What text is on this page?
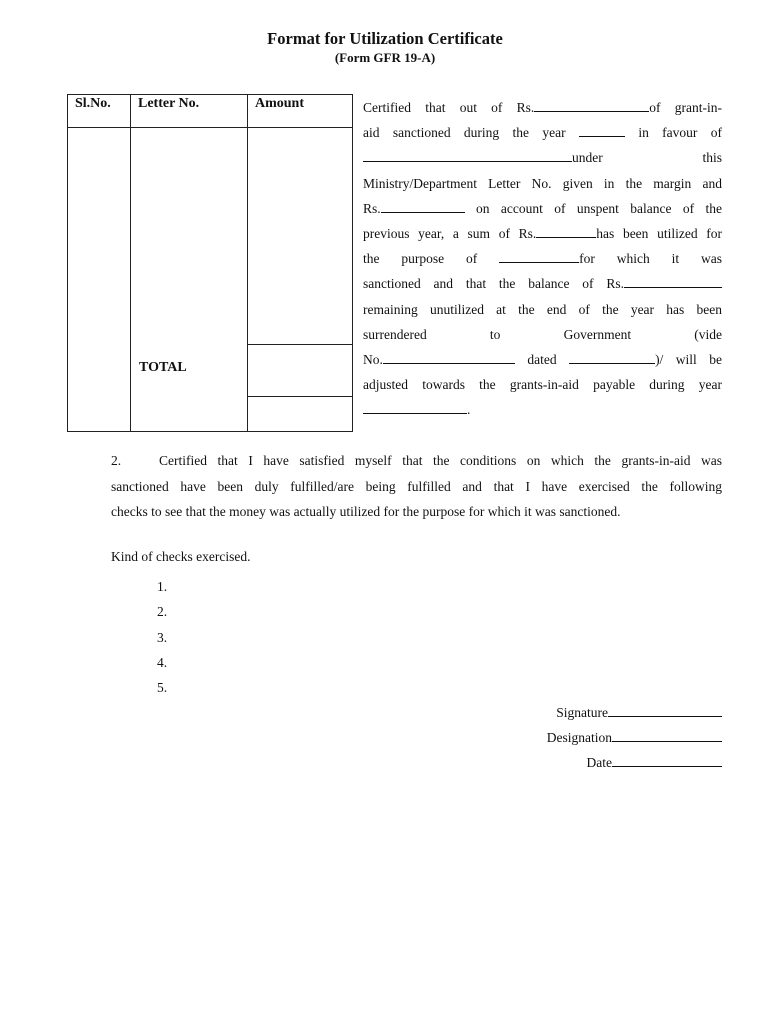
Format for Utilization Certificate
(Form GFR 19-A)
Sl.No.	Letter No.	Amount

	TOTAL	

Certified that out of Rs.	of grant-in-
aid sanctioned during the year	in favour of
under	this
Ministry/Department Letter No. given in the margin and
Rs.	on account of unspent balance of the
previous year, a sum of Rs.	has been utilized for
the purpose of	for which it was
sanctioned and that the balance of Rs.
remaining unutilized at the end of the year has been
surrendered	to	Government	(vide
No.	dated	)/ will be
adjusted towards the grants-in-aid payable during year
.
2.	Certified that I have satisfied myself that the conditions on which the grants-in-aid was
sanctioned have been duly fulfilled/are being fulfilled and that I have exercised the following
checks to see that the money was actually utilized for the purpose for which it was sanctioned.
Kind of checks exercised.
1.
2.
3.
4.
5.
Signature
Designation
Date
